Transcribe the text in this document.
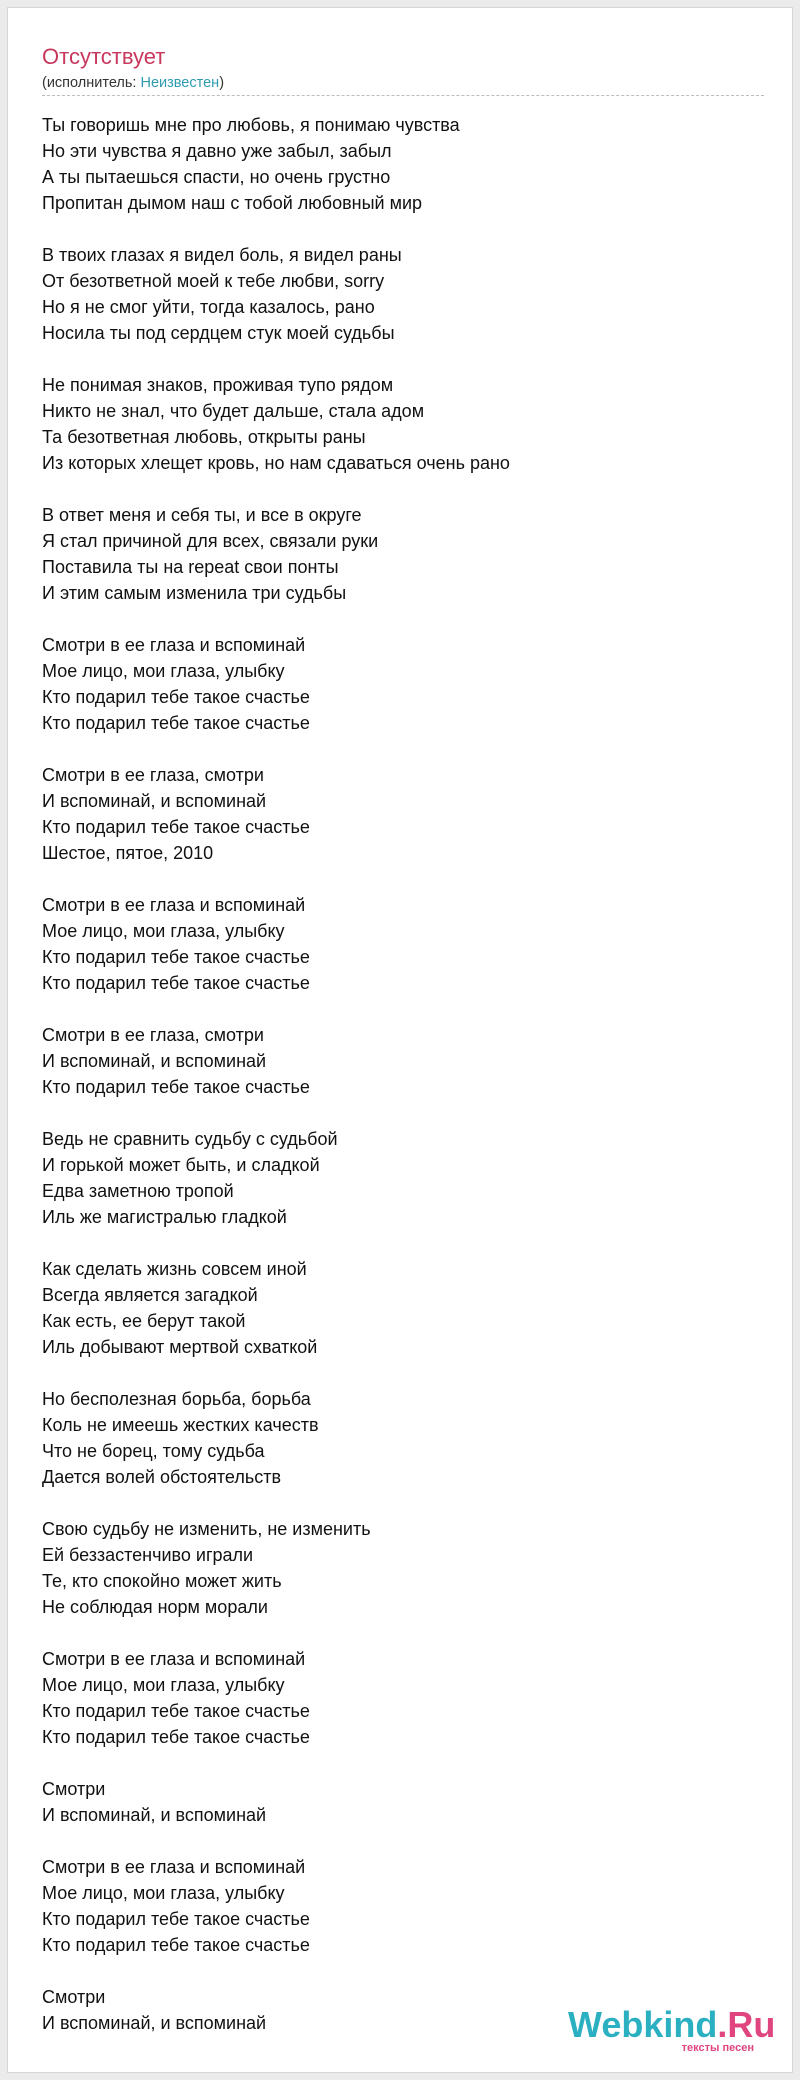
Отсутствует
(исполнитель: Неизвестен)
Ты говоришь мне про любовь, я понимаю чувства
Но эти чувства я давно уже забыл, забыл
А ты пытаешься спасти, но очень грустно
Пропитан дымом наш с тобой любовный мир
В твоих глазах я видел боль, я видел раны
От безответной моей к тебе любви, sorry
Но я не смог уйти, тогда казалось, рано
Носила ты под сердцем стук моей судьбы
Не понимая знаков, проживая тупо рядом
Никто не знал, что будет дальше, стала адом
Та безответная любовь, открыты раны
Из которых хлещет кровь, но нам сдаваться очень рано
В ответ меня и себя ты, и все в округе
Я стал причиной для всех, связали руки
Поставила ты на repeat свои понты
И этим самым изменила три судьбы
Смотри в ее глаза и вспоминай
Мое лицо, мои глаза, улыбку
Кто подарил тебе такое счастье
Кто подарил тебе такое счастье
Смотри в ее глаза, смотри
И вспоминай, и вспоминай
Кто подарил тебе такое счастье
Шестое, пятое, 2010
Смотри в ее глаза и вспоминай
Мое лицо, мои глаза, улыбку
Кто подарил тебе такое счастье
Кто подарил тебе такое счастье
Смотри в ее глаза, смотри
И вспоминай, и вспоминай
Кто подарил тебе такое счастье
Ведь не сравнить судьбу с судьбой
И горькой может быть, и сладкой
Едва заметною тропой
Иль же магистралью гладкой
Как сделать жизнь совсем иной
Всегда является загадкой
Как есть, ее берут такой
Иль добывают мертвой схваткой
Но бесполезная борьба, борьба
Коль не имеешь жестких качеств
Что не борец, тому судьба
Дается волей обстоятельств
Свою судьбу не изменить, не изменить
Ей беззастенчиво играли
Те, кто спокойно может жить
Не соблюдая норм морали
Смотри в ее глаза и вспоминай
Мое лицо, мои глаза, улыбку
Кто подарил тебе такое счастье
Кто подарил тебе такое счастье
Смотри
И вспоминай, и вспоминай
Смотри в ее глаза и вспоминай
Мое лицо, мои глаза, улыбку
Кто подарил тебе такое счастье
Кто подарил тебе такое счастье
Смотри
И вспоминай, и вспоминай	Webkind.Ru
тексты песен
